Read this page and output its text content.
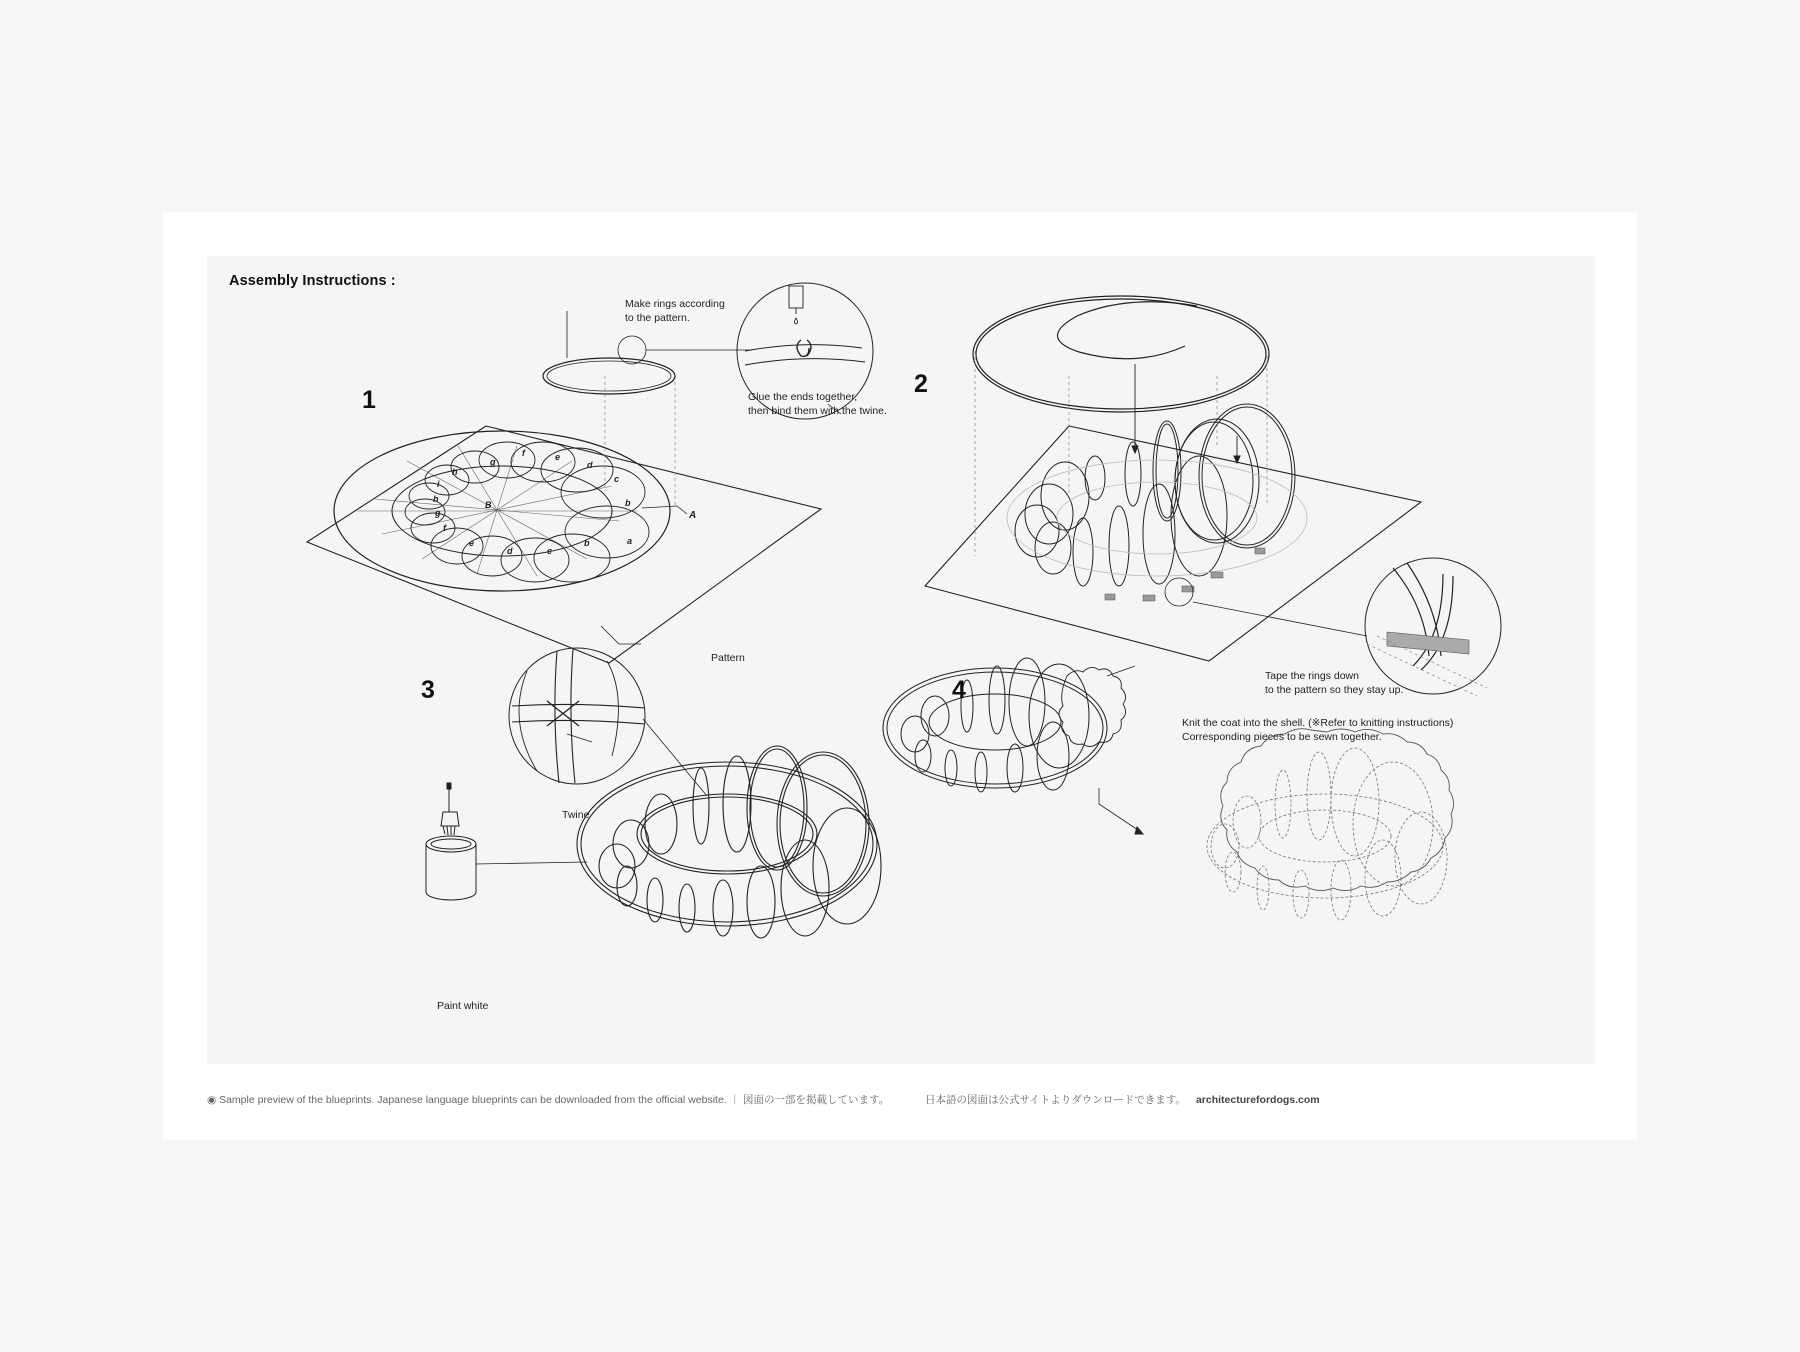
Assembly Instructions :
a
b
c
d
e
f
g
h
i
h
g
f
e
d	c
b
B
A
1
2
3	4
Make rings according
to the pattern.
Glue the ends together,
then bind them with the twine.
Pattern
Tape the rings down
to the pattern so they stay up.
Twine
Paint white
Knit the coat into the shell. (※Refer to knitting instructions)
Corresponding pieces to be sewn together.
◉ Sample preview of the blueprints. Japanese language blueprints can be downloaded from the official website. ｜ 図面の一部を掲載しています。	日本語の図面は公式サイトよりダウンロードできます。 architecturefordogs.com
